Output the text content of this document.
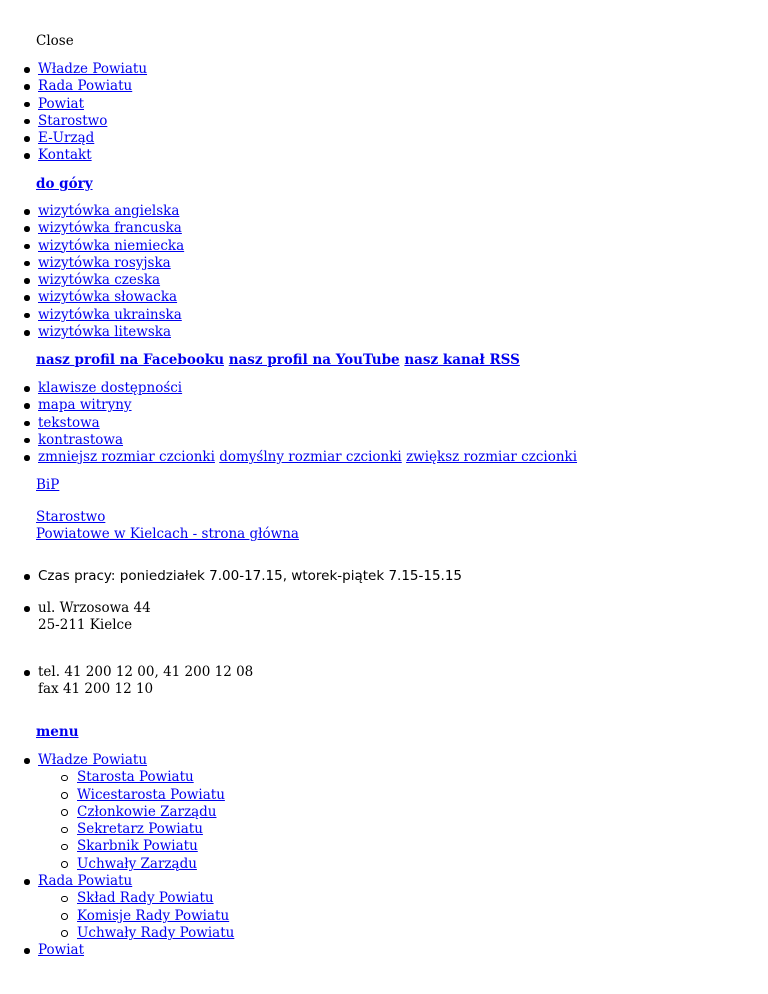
Close
Władze Powiatu
Rada Powiatu
Powiat
Starostwo
E-Urząd
Kontakt
do góry
wizytówka angielska
wizytówka francuska
wizytówka niemiecka
wizytówka rosyjska
wizytówka czeska
wizytówka słowacka
wizytówka ukrainska
wizytówka litewska
nasz profil na Facebooku nasz profil na YouTube nasz kanał RSS
klawisze dostępności
mapa witryny
tekstowa
kontrastowa
zmniejsz rozmiar czcionki domyślny rozmiar czcionki zwiększ rozmiar czcionki
BiP
Starostwo
Powiatowe w Kielcach - strona główna
Czas pracy: poniedziałek 7.00-17.15, wtorek-piątek 7.15-15.15
ul. Wrzosowa 44
25-211 Kielce
tel. 41 200 12 00, 41 200 12 08
fax 41 200 12 10
menu
Władze Powiatu
Starosta Powiatu
Wicestarosta Powiatu
Członkowie Zarządu
Sekretarz Powiatu
Skarbnik Powiatu
Uchwały Zarządu
Rada Powiatu
Skład Rady Powiatu
Komisje Rady Powiatu
Uchwały Rady Powiatu
Powiat
